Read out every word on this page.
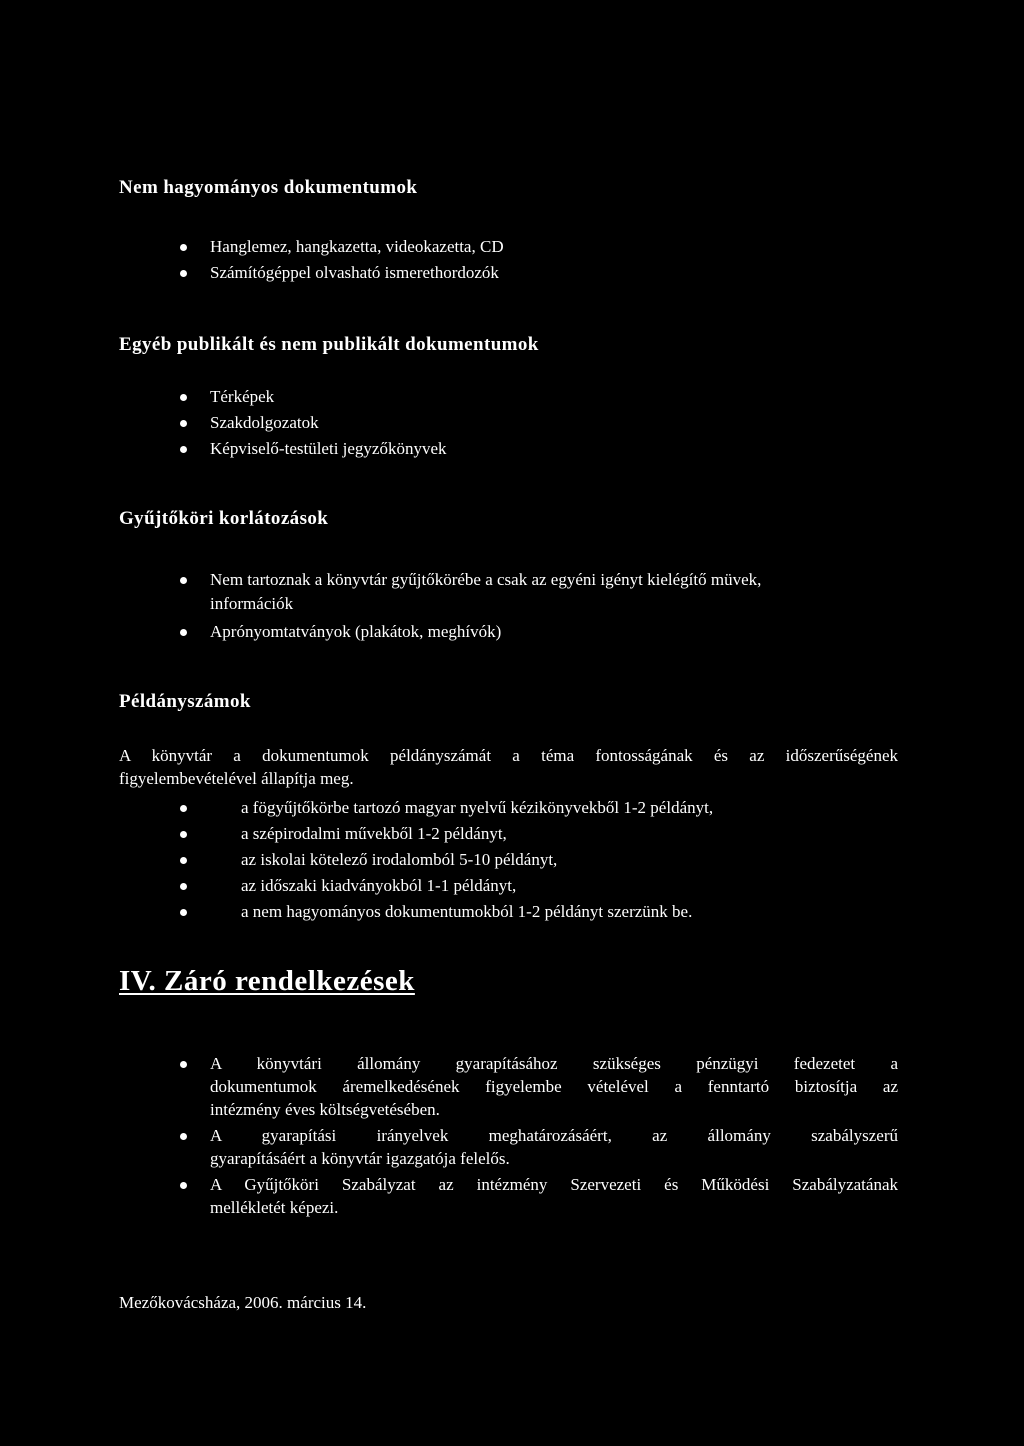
Nem hagyományos dokumentumok
Hanglemez, hangkazetta, videokazetta, CD
Számítógéppel olvasható ismerethordozók
Egyéb publikált és nem publikált dokumentumok
Térképek
Szakdolgozatok
Képviselő-testületi jegyzőkönyvek
Gyűjtőköri korlátozások
Nem tartoznak a könyvtár gyűjtőkörébe a csak az egyéni igényt kielégítő müvek,
információk
Aprónyomtatványok (plakátok, meghívók)
Példányszámok
A könyvtár a dokumentumok példányszámát a téma fontosságának és az időszerűségének
figyelembevételével állapítja meg.
a fögyűjtőkörbe tartozó magyar nyelvű kézikönyvekből 1-2 példányt,
a szépirodalmi művekből 1-2 példányt,
az iskolai kötelező irodalomból 5-10 példányt,
az időszaki kiadványokból 1-1 példányt,
a nem hagyományos dokumentumokból 1-2 példányt szerzünk be.
IV. Záró rendelkezések
A könyvtári állomány gyarapításához szükséges pénzügyi fedezetet a
dokumentumok áremelkedésének figyelembe vételével a fenntartó biztosítja az
intézmény éves költségvetésében.
A gyarapítási irányelvek meghatározásáért, az állomány szabályszerű
gyarapításáért a könyvtár igazgatója felelős.
A Gyűjtőköri Szabályzat az intézmény Szervezeti és Működési Szabályzatának
mellékletét képezi.
Mezőkovácsháza, 2006. március 14.
